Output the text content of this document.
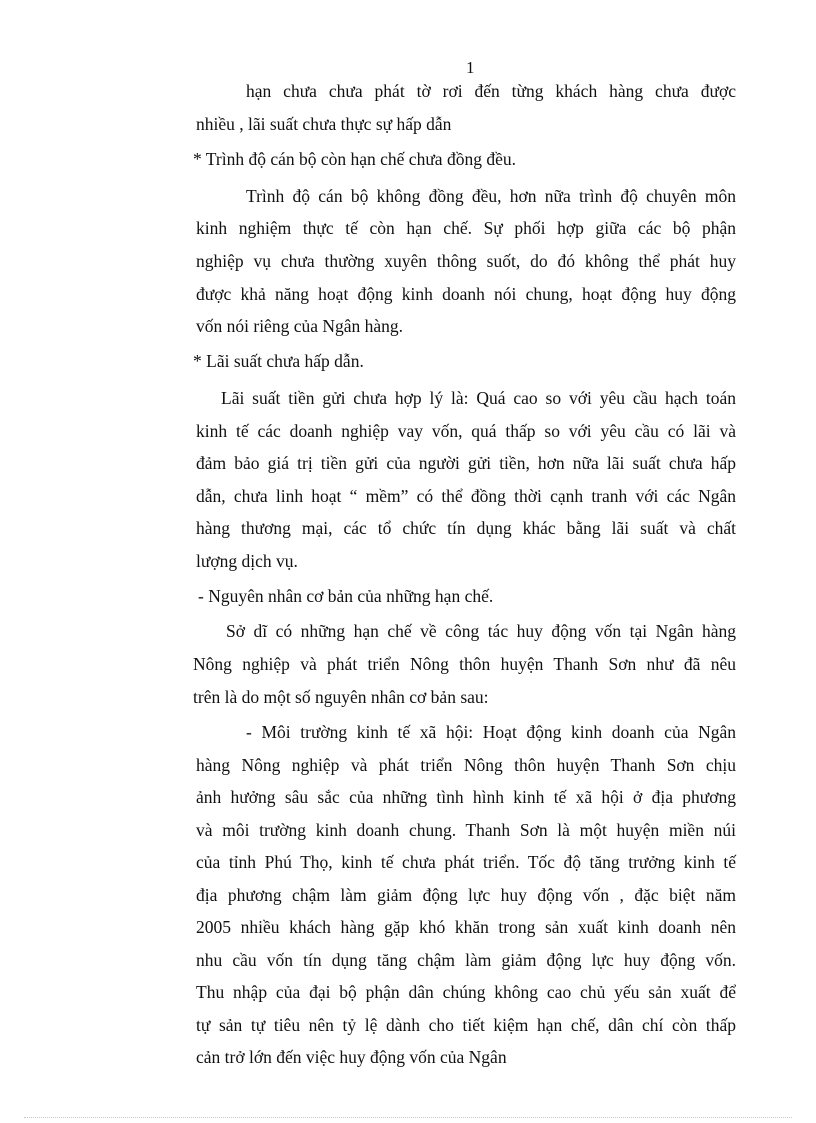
1
hạn chưa chưa phát tờ rơi đến từng khách hàng chưa được
nhiều , lãi suất chưa thực sự hấp dẫn
* Trình độ cán bộ còn hạn chế chưa đồng đều.
Trình độ cán bộ không đồng đều, hơn nữa trình độ chuyên môn
kinh nghiệm thực tế còn hạn chế. Sự phối hợp giữa các bộ phận
nghiệp vụ chưa thường xuyên thông suốt, do đó không thể phát huy
được khả năng hoạt động kinh doanh nói chung, hoạt động huy động
vốn nói riêng của Ngân hàng.
* Lãi suất chưa hấp dẫn.
Lãi suất tiền gửi chưa hợp lý là: Quá cao so với yêu cầu hạch toán
kinh tế các doanh nghiệp vay vốn, quá thấp so với yêu cầu có lãi và
đảm bảo giá trị tiền gửi của người gửi tiền, hơn nữa lãi suất chưa hấp
dẫn, chưa linh hoạt “ mềm” có thể đồng thời cạnh tranh với các Ngân
hàng thương mại, các tổ chức tín dụng khác bằng lãi suất và chất
lượng dịch vụ.
- Nguyên nhân cơ bản của những hạn chế.
Sở dĩ có những hạn chế về công tác huy động vốn tại Ngân hàng
Nông nghiệp và phát triển Nông thôn huyện Thanh Sơn như đã nêu
trên là do một số nguyên nhân cơ bản sau:
- Môi trường kinh tế xã hội: Hoạt động kinh doanh của Ngân
hàng Nông nghiệp và phát triển Nông thôn huyện Thanh Sơn chịu
ảnh hưởng sâu sắc của những tình hình kinh tế xã hội ở địa phương
và môi trường kinh doanh chung. Thanh Sơn là một huyện miền núi
của tỉnh Phú Thọ, kinh tế chưa phát triển. Tốc độ tăng trưởng kinh tế
địa phương chậm làm giảm động lực huy động vốn , đặc biệt năm
2005 nhiều khách hàng gặp khó khăn trong sản xuất kinh doanh nên
nhu cầu vốn tín dụng tăng chậm làm giảm động lực huy động vốn.
Thu nhập của đại bộ phận dân chúng không cao chủ yếu sản xuất để
tự sản tự tiêu nên tỷ lệ dành cho tiết kiệm hạn chế, dân chí còn thấp
cản trở lớn đến việc huy động vốn của Ngân
